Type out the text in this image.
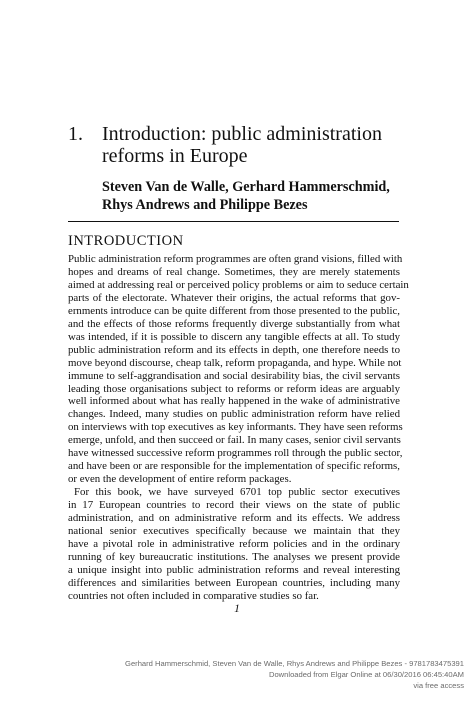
1. Introduction: public administration
reforms in Europe
Steven Van de Walle, Gerhard Hammerschmid,
Rhys Andrews and Philippe Bezes
INTRODUCTION
Public administration reform programmes are often grand visions, filled with
hopes and dreams of real change. Sometimes, they are merely statements
aimed at addressing real or perceived policy problems or aim to seduce certain
parts of the electorate. Whatever their origins, the actual reforms that gov-
ernments introduce can be quite different from those presented to the public,
and the effects of those reforms frequently diverge substantially from what
was intended, if it is possible to discern any tangible effects at all. To study
public administration reform and its effects in depth, one therefore needs to
move beyond discourse, cheap talk, reform propaganda, and hype. While not
immune to self-aggrandisation and social desirability bias, the civil servants
leading those organisations subject to reforms or reform ideas are arguably
well informed about what has really happened in the wake of administrative
changes. Indeed, many studies on public administration reform have relied
on interviews with top executives as key informants. They have seen reforms
emerge, unfold, and then succeed or fail. In many cases, senior civil servants
have witnessed successive reform programmes roll through the public sector,
and have been or are responsible for the implementation of specific reforms,
or even the development of entire reform packages.
For this book, we have surveyed 6701 top public sector executives
in 17 European countries to record their views on the state of public
administration, and on administrative reform and its effects. We address
national senior executives specifically because we maintain that they
have a pivotal role in administrative reform policies and in the ordinary
running of key bureaucratic institutions. The analyses we present provide
a unique insight into public administration reforms and reveal interesting
differences and similarities between European countries, including many
countries not often included in comparative studies so far.
1
Gerhard Hammerschmid, Steven Van de Walle, Rhys Andrews and Philippe Bezes - 9781783475391
Downloaded from Elgar Online at 06/30/2016 06:45:40AM
via free access
